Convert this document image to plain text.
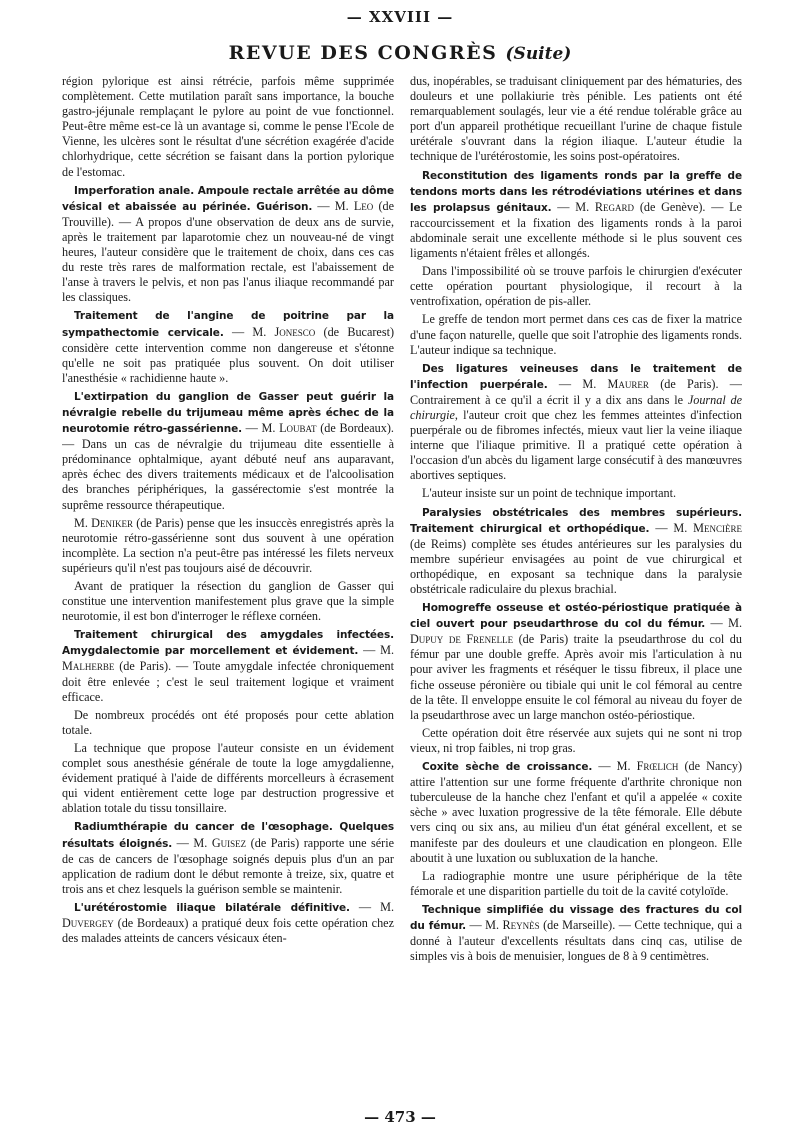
— XXVIII —
REVUE DES CONGRÈS (Suite)

région pylorique est ainsi rétrécie, parfois même supprimée complètement. Cette mutilation paraît sans importance, la bouche gastro-jéjunale remplaçant le pylore au point de vue fonctionnel. Peut-être même est-ce là un avantage si, comme le pense l'Ecole de Vienne, les ulcères sont le résultat d'une sécrétion exagérée d'acide chlorhydrique, cette sécrétion se faisant dans la portion pylorique de l'estomac.

Imperforation anale. Ampoule rectale arrêtée au dôme vésical et abaissée au périnée. Guérison. — M. Leo (de Trouville). — A propos d'une observation de deux ans de survie, après le traitement par laparotomie chez un nouveau-né de vingt heures, l'auteur considère que le traitement de choix, dans ces cas du reste très rares de malformation rectale, est l'abaissement de l'anse à travers le pelvis, et non pas l'anus iliaque recommandé par les classiques.

Traitement de l'angine de poitrine par la sympathectomie cervicale. — M. Jonesco (de Bucarest) considère cette intervention comme non dangereuse et s'étonne qu'elle ne soit pas pratiquée plus souvent. On doit utiliser l'anesthésie « rachidienne haute ».

L'extirpation du ganglion de Gasser peut guérir la névralgie rebelle du trijumeau même après échec de la neurotomie rétro-gassérienne. — M. Loubat (de Bordeaux). — Dans un cas de névralgie du trijumeau dite essentielle à prédominance ophtalmique, ayant débuté neuf ans auparavant, après échec des divers traitements médicaux et de l'alcoolisation des branches périphériques, la gassérectomie s'est montrée la suprême ressource thérapeutique.

M. Deniker (de Paris) pense que les insuccès enregistrés après la neurotomie rétro-gassérienne sont dus souvent à une opération incomplète. La section n'a peut-être pas intéressé les filets nerveux supérieurs qu'il n'est pas toujours aisé de découvrir.

Avant de pratiquer la résection du ganglion de Gasser qui constitue une intervention manifestement plus grave que la simple neurotomie, il est bon d'interroger le réflexe cornéen.

Traitement chirurgical des amygdales infectées. Amygdalectomie par morcellement et évidement. — M. Malherbe (de Paris). — Toute amygdale infectée chroniquement doit être enlevée ; c'est le seul traitement logique et vraiment efficace.

De nombreux procédés ont été proposés pour cette ablation totale.

La technique que propose l'auteur consiste en un évidement complet sous anesthésie générale de toute la loge amygdalienne, évidement pratiqué à l'aide de différents morcelleurs à écrasement qui vident entièrement cette loge par destruction progressive et ablation totale du tissu tonsillaire.

Radiumthérapie du cancer de l'œsophage. Quelques résultats éloignés. — M. Guisez (de Paris) rapporte une série de cas de cancers de l'œsophage soignés depuis plus d'un an par application de radium dont le début remonte à treize, six, quatre et trois ans et chez lesquels la guérison semble se maintenir.

L'urétérostomie iliaque bilatérale définitive. — M. Duvergey (de Bordeaux) a pratiqué deux fois cette opération chez des malades atteints de cancers vésicaux éten-

dus, inopérables, se traduisant cliniquement par des hématuries, des douleurs et une pollakiurie très pénible. Les patients ont été remarquablement soulagés, leur vie a été rendue tolérable grâce au port d'un appareil prothétique recueillant l'urine de chaque fistule urétérale s'ouvrant dans la région iliaque. L'auteur étudie la technique de l'urétérostomie, les soins post-opératoires.

Reconstitution des ligaments ronds par la greffe de tendons morts dans les rétrodéviations utérines et dans les prolapsus génitaux. — M. Regard (de Genève). — Le raccourcissement et la fixation des ligaments ronds à la paroi abdominale serait une excellente méthode si le plus souvent ces ligaments n'étaient frêles et allongés.

Dans l'impossibilité où se trouve parfois le chirurgien d'exécuter cette opération pourtant physiologique, il recourt à la ventrofixation, opération de pis-aller.

Le greffe de tendon mort permet dans ces cas de fixer la matrice d'une façon naturelle, quelle que soit l'atrophie des ligaments ronds. L'auteur indique sa technique.

Des ligatures veineuses dans le traitement de l'infection puerpérale. — M. Maurer (de Paris). — Contrairement à ce qu'il a écrit il y a dix ans dans le Journal de chirurgie, l'auteur croit que chez les femmes atteintes d'infection puerpérale ou de fibromes infectés, mieux vaut lier la veine iliaque interne que l'iliaque primitive. Il a pratiqué cette opération à l'occasion d'un abcès du ligament large consécutif à des manœuvres abortives septiques.

L'auteur insiste sur un point de technique important.

Paralysies obstétricales des membres supérieurs. Traitement chirurgical et orthopédique. — M. Mencière (de Reims) complète ses études antérieures sur les paralysies du membre supérieur envisagées au point de vue chirurgical et orthopédique, en exposant sa technique dans la paralysie obstétricale radiculaire du plexus brachial.

Homogreffe osseuse et ostéo-périostique pratiquée à ciel ouvert pour pseudarthrose du col du fémur. — M. Dupuy de Frenelle (de Paris) traite la pseudarthrose du col du fémur par une double greffe. Après avoir mis l'articulation à nu pour aviver les fragments et réséquer le tissu fibreux, il place une fiche osseuse péronière ou tibiale qui unit le col fémoral au centre de la tête. Il enveloppe ensuite le col fémoral au niveau du foyer de la pseudarthrose avec un large manchon ostéo-périostique.

Cette opération doit être réservée aux sujets qui ne sont ni trop vieux, ni trop faibles, ni trop gras.

Coxite sèche de croissance. — M. Frœlich (de Nancy) attire l'attention sur une forme fréquente d'arthrite chronique non tuberculeuse de la hanche chez l'enfant et qu'il a appelée « coxite sèche » avec luxation progressive de la tête fémorale. Elle débute vers cinq ou six ans, au milieu d'un état général excellent, et se manifeste par des douleurs et une claudication en plongeon. Elle aboutit à une luxation ou subluxation de la hanche.

La radiographie montre une usure périphérique de la tête fémorale et une disparition partielle du toit de la cavité cotyloïde.

Technique simplifiée du vissage des fractures du col du fémur. — M. Reynès (de Marseille). — Cette technique, qui a donné à l'auteur d'excellents résultats dans cinq cas, utilise de simples vis à bois de menuisier, longues de 8 à 9 centimètres.

— 473 —
